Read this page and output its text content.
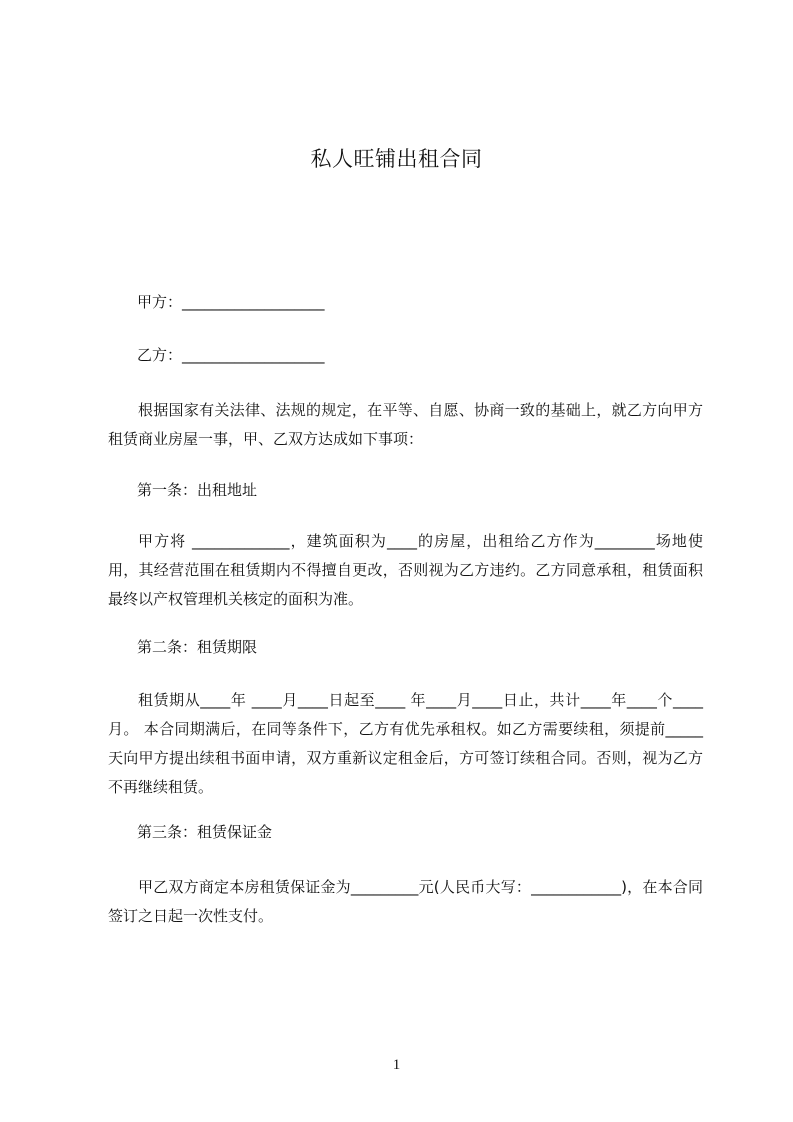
私人旺铺出租合同
甲方：___________________
乙方：___________________
根据国家有关法律、法规的规定，在平等、自愿、协商一致的基础上，就乙方向甲方租赁商业房屋一事，甲、乙双方达成如下事项：
第一条：出租地址
甲方将 _____________，建筑面积为____的房屋，出租给乙方作为________场地使用，其经营范围在租赁期内不得擅自更改，否则视为乙方违约。乙方同意承租，租赁面积最终以产权管理机关核定的面积为准。
第二条：租赁期限
租赁期从____年 ____月____日起至____ 年____月____日止，共计____年____个____月。 本合同期满后，在同等条件下，乙方有优先承租权。如乙方需要续租，须提前_____天向甲方提出续租书面申请，双方重新议定租金后，方可签订续租合同。否则，视为乙方不再继续租赁。
第三条：租赁保证金
甲乙双方商定本房租赁保证金为_________元(人民币大写：____________)，在本合同签订之日起一次性支付。
1
